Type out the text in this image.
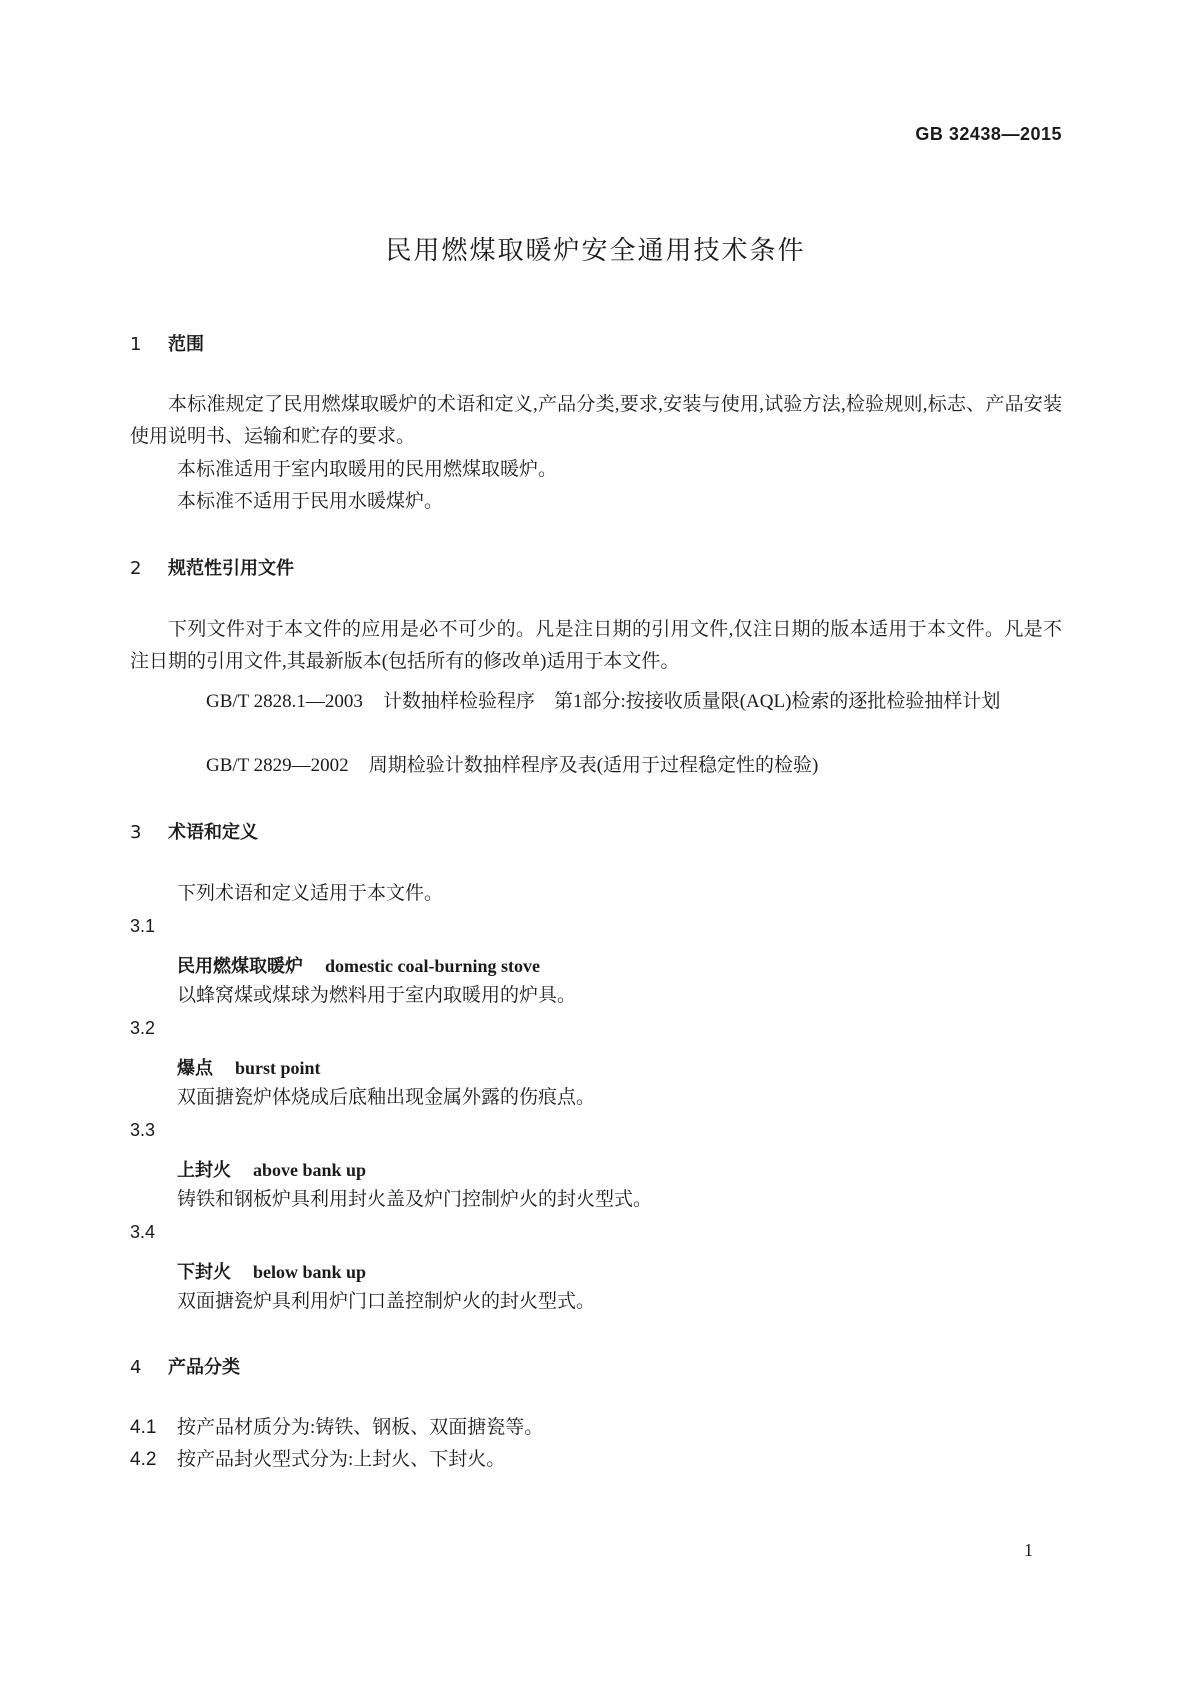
GB 32438—2015
民用燃煤取暖炉安全通用技术条件
1 范围
本标准规定了民用燃煤取暖炉的术语和定义,产品分类,要求,安装与使用,试验方法,检验规则,标志、产品安装使用说明书、运输和贮存的要求。
本标准适用于室内取暖用的民用燃煤取暖炉。
本标准不适用于民用水暖煤炉。
2 规范性引用文件
下列文件对于本文件的应用是必不可少的。凡是注日期的引用文件,仅注日期的版本适用于本文件。凡是不注日期的引用文件,其最新版本(包括所有的修改单)适用于本文件。
GB/T 2828.1—2003 计数抽样检验程序　第1部分:按接收质量限(AQL)检索的逐批检验抽样计划
GB/T 2829—2002 周期检验计数抽样程序及表(适用于过程稳定性的检验)
3 术语和定义
下列术语和定义适用于本文件。
3.1
民用燃煤取暖炉 domestic coal-burning stove
以蜂窝煤或煤球为燃料用于室内取暖用的炉具。
3.2
爆点 burst point
双面搪瓷炉体烧成后底釉出现金属外露的伤痕点。
3.3
上封火 above bank up
铸铁和钢板炉具利用封火盖及炉门控制炉火的封火型式。
3.4
下封火 below bank up
双面搪瓷炉具利用炉门口盖控制炉火的封火型式。
4 产品分类
4.1 按产品材质分为:铸铁、钢板、双面搪瓷等。
4.2 按产品封火型式分为:上封火、下封火。
1
